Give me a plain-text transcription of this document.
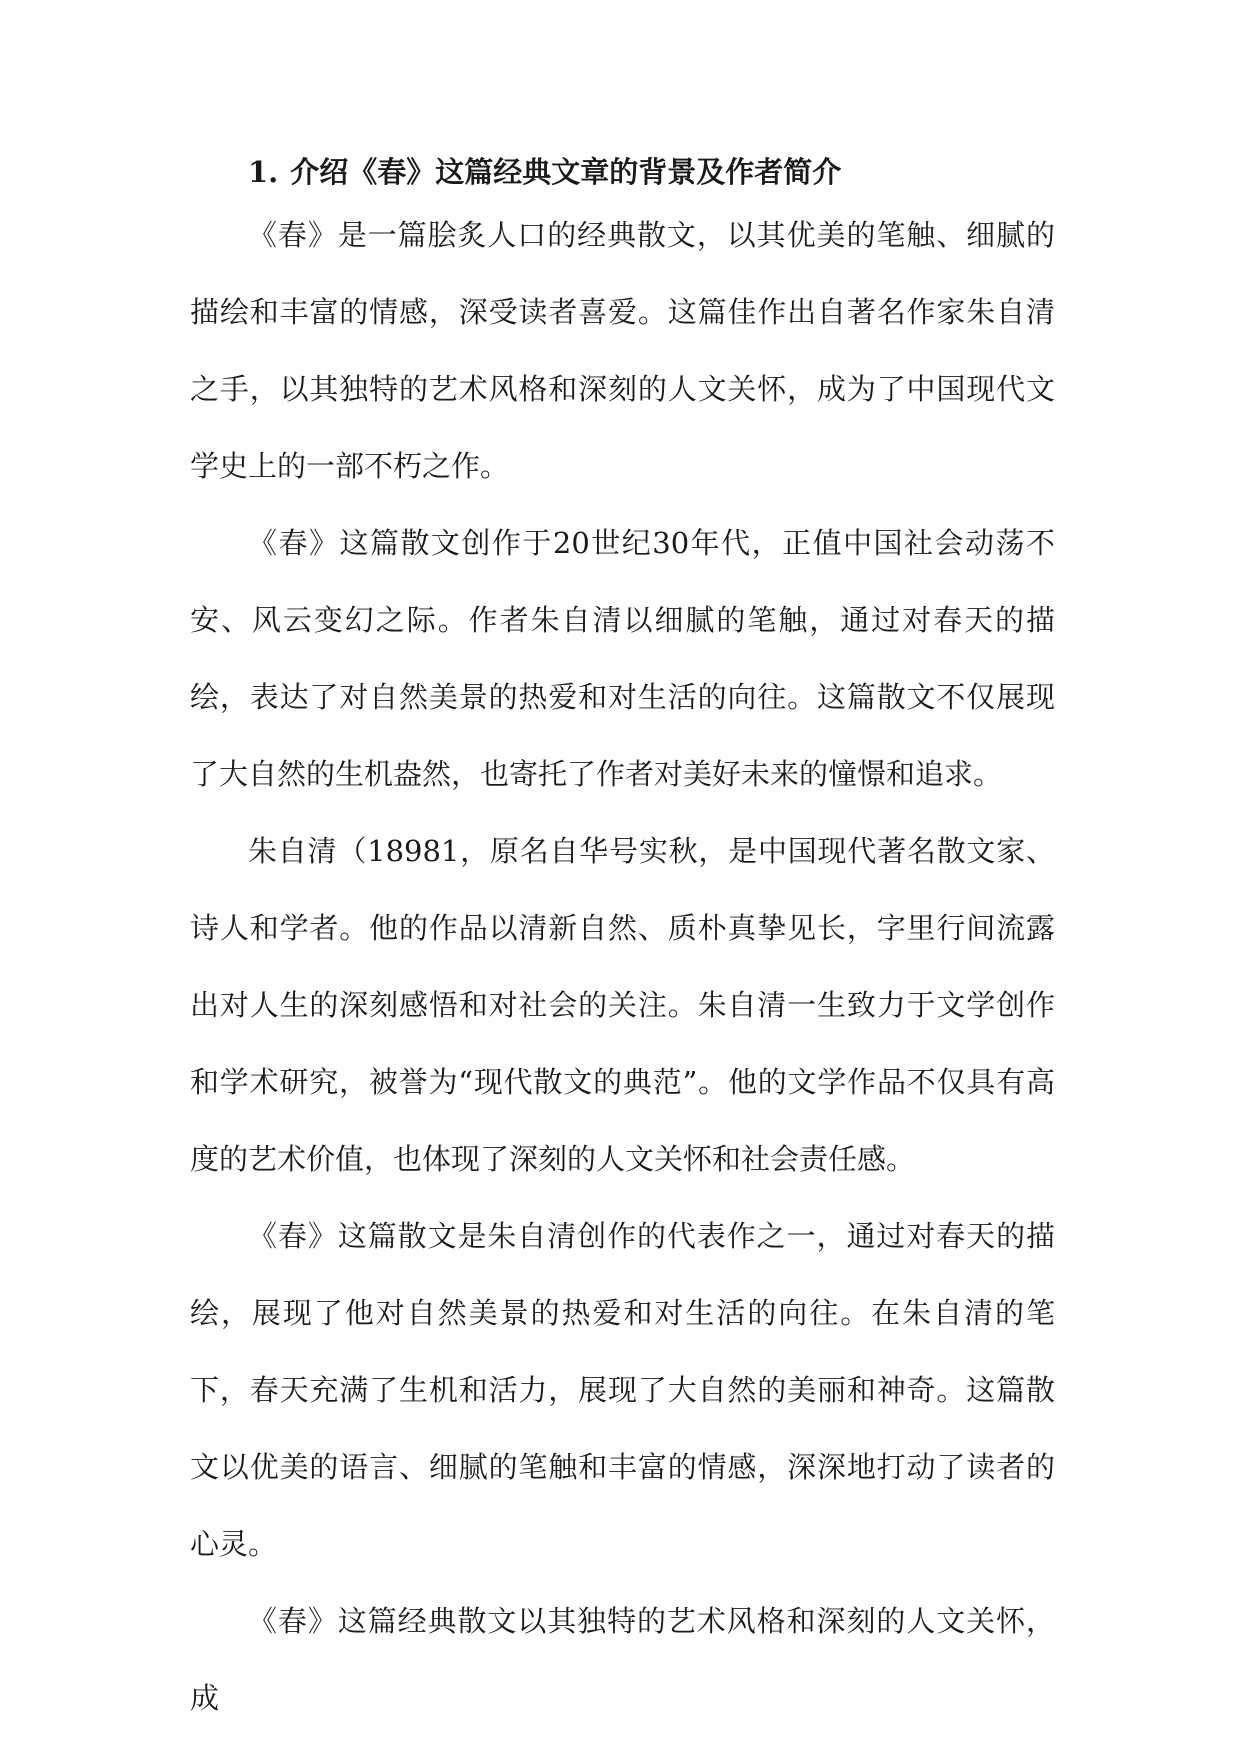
1. 介绍《春》这篇经典文章的背景及作者简介

《春》是一篇脍炙人口的经典散文，以其优美的笔触、细腻的描绘和丰富的情感，深受读者喜爱。这篇佳作出自著名作家朱自清之手，以其独特的艺术风格和深刻的人文关怀，成为了中国现代文学史上的一部不朽之作。

《春》这篇散文创作于20世纪30年代，正值中国社会动荡不安、风云变幻之际。作者朱自清以细腻的笔触，通过对春天的描绘，表达了对自然美景的热爱和对生活的向往。这篇散文不仅展现了大自然的生机盎然，也寄托了作者对美好未来的憧憬和追求。

朱自清（18981，原名自华号实秋，是中国现代著名散文家、诗人和学者。他的作品以清新自然、质朴真挚见长，字里行间流露出对人生的深刻感悟和对社会的关注。朱自清一生致力于文学创作和学术研究，被誉为“现代散文的典范”。他的文学作品不仅具有高度的艺术价值，也体现了深刻的人文关怀和社会责任感。

《春》这篇散文是朱自清创作的代表作之一，通过对春天的描绘，展现了他对自然美景的热爱和对生活的向往。在朱自清的笔下，春天充满了生机和活力，展现了大自然的美丽和神奇。这篇散文以优美的语言、细腻的笔触和丰富的情感，深深地打动了读者的心灵。

《春》这篇经典散文以其独特的艺术风格和深刻的人文关怀，成
